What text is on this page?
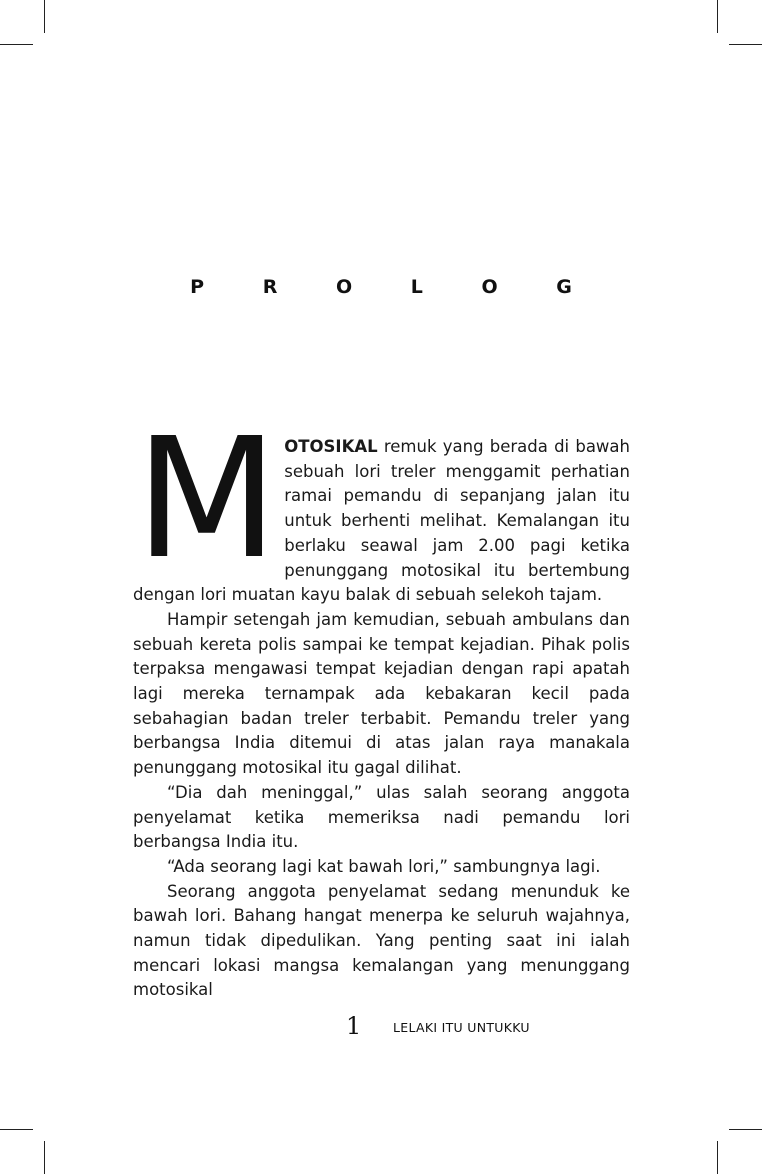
P R O L O G

MOTOSIKAL remuk yang berada di bawah sebuah lori treler menggamit perhatian ramai pemandu di sepanjang jalan itu untuk berhenti melihat. Kemalangan itu berlaku seawal jam 2.00 pagi ketika penunggang motosikal itu bertembung dengan lori muatan kayu balak di sebuah selekoh tajam.

Hampir setengah jam kemudian, sebuah ambulans dan sebuah kereta polis sampai ke tempat kejadian. Pihak polis terpaksa mengawasi tempat kejadian dengan rapi apatah lagi mereka ternampak ada kebakaran kecil pada sebahagian badan treler terbabit. Pemandu treler yang berbangsa India ditemui di atas jalan raya manakala penunggang motosikal itu gagal dilihat.

“Dia dah meninggal,” ulas salah seorang anggota penyelamat ketika memeriksa nadi pemandu lori berbangsa India itu.

“Ada seorang lagi kat bawah lori,” sambungnya lagi.

Seorang anggota penyelamat sedang menunduk ke bawah lori. Bahang hangat menerpa ke seluruh wajahnya, namun tidak dipedulikan. Yang penting saat ini ialah mencari lokasi mangsa kemalangan yang menunggang motosikal

1	LELAKI ITU UNTUKKU
